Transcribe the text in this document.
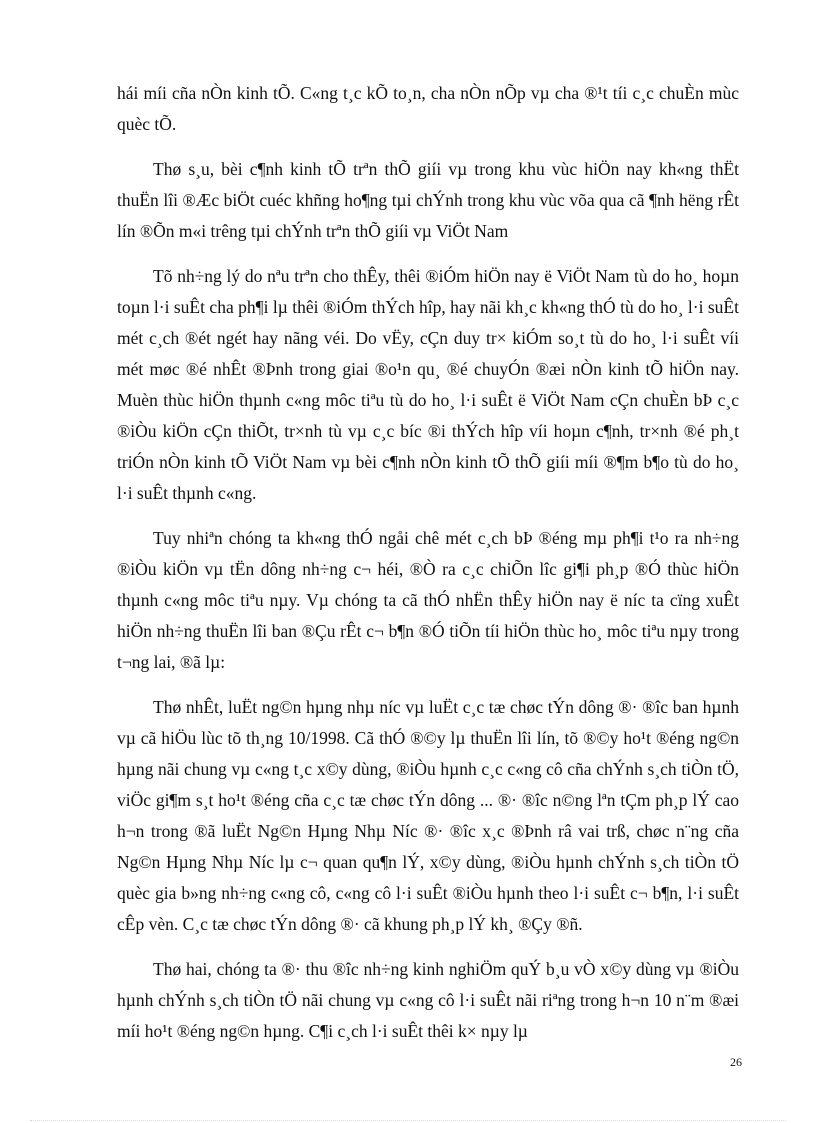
hái míi cña nÒn kinh tÕ. C«ng t¸c kÕ to¸n, cha nÒn nÕp vµ cha ®¹t tíi c¸c chuÈn mùc quèc tÕ.

Thø s¸u, bèi c¶nh kinh tÕ trªn thÕ giíi vµ trong khu vùc hiÖn nay kh«ng thËt thuËn lîi ®Æc biÖt cuéc khñng ho¶ng tµi chÝnh trong khu vùc võa qua cã ¶nh hëng rÊt lín ®Õn m«i trêng tµi chÝnh trªn thÕ giíi vµ ViÖt Nam

Tõ nh÷ng lý do nªu trªn cho thÊy, thêi ®iÓm hiÖn nay ë ViÖt Nam tù do ho¸ hoµn toµn l·i suÊt cha ph¶i lµ thêi ®iÓm thÝch hîp, hay nãi kh¸c kh«ng thÓ tù do ho¸ l·i suÊt mét c¸ch ®ét ngét hay nãng véi. Do vËy, cÇn duy tr× kiÓm so¸t tù do ho¸ l·i suÊt víi mét møc ®é nhÊt ®Þnh trong giai ®o¹n qu¸ ®é chuyÓn ®æi nÒn kinh tÕ hiÖn nay. Muèn thùc hiÖn thµnh c«ng môc tiªu tù do ho¸ l·i suÊt ë ViÖt Nam cÇn chuÈn bÞ c¸c ®iÒu kiÖn cÇn thiÕt, tr×nh tù vµ c¸c bíc ®i thÝch hîp víi hoµn c¶nh, tr×nh ®é ph¸t triÓn nÒn kinh tÕ ViÖt Nam vµ bèi c¶nh nÒn kinh tÕ thÕ giíi míi ®¶m b¶o tù do ho¸ l·i suÊt thµnh c«ng.

Tuy nhiªn chóng ta kh«ng thÓ ngåi chê mét c¸ch bÞ ®éng mµ ph¶i t¹o ra nh÷ng ®iÒu kiÖn vµ tËn dông nh÷ng c¬ héi, ®Ò ra c¸c chiÕn lîc gi¶i ph¸p ®Ó thùc hiÖn thµnh c«ng môc tiªu nµy. Vµ chóng ta cã thÓ nhËn thÊy hiÖn nay ë níc ta cïng xuÊt hiÖn nh÷ng thuËn lîi ban ®Çu rÊt c¬ b¶n ®Ó tiÕn tíi hiÖn thùc ho¸ môc tiªu nµy trong t¬ng lai, ®ã lµ:

Thø nhÊt, luËt ng©n hµng nhµ níc vµ luËt c¸c tæ chøc tÝn dông ®· ®îc ban hµnh vµ cã hiÖu lùc tõ th¸ng 10/1998. Cã thÓ ®©y lµ thuËn lîi lín, tõ ®©y ho¹t ®éng ng©n hµng nãi chung vµ c«ng t¸c x©y dùng, ®iÒu hµnh c¸c c«ng cô cña chÝnh s¸ch tiÒn tÖ, viÖc gi¶m s¸t ho¹t ®éng cña c¸c tæ chøc tÝn dông ... ®· ®îc n©ng lªn tÇm ph¸p lÝ cao h¬n trong ®ã luËt Ng©n Hµng Nhµ Níc ®· ®îc x¸c ®Þnh râ vai trß, chøc n¨ng cña Ng©n Hµng Nhµ Níc lµ c¬ quan qu¶n lÝ, x©y dùng, ®iÒu hµnh chÝnh s¸ch tiÒn tÖ quèc gia b»ng nh÷ng c«ng cô, c«ng cô l·i suÊt ®iÒu hµnh theo l·i suÊt c¬ b¶n, l·i suÊt cÊp vèn. C¸c tæ chøc tÝn dông ®· cã khung ph¸p lÝ kh¸ ®Çy ®ñ.

Thø hai, chóng ta ®· thu ®îc nh÷ng kinh nghiÖm quÝ b¸u vÒ x©y dùng vµ ®iÒu hµnh chÝnh s¸ch tiÒn tÖ nãi chung vµ c«ng cô l·i suÊt nãi riªng trong h¬n 10 n¨m ®æi míi ho¹t ®éng ng©n hµng. C¶i c¸ch l·i suÊt thêi k× nµy lµ

26
